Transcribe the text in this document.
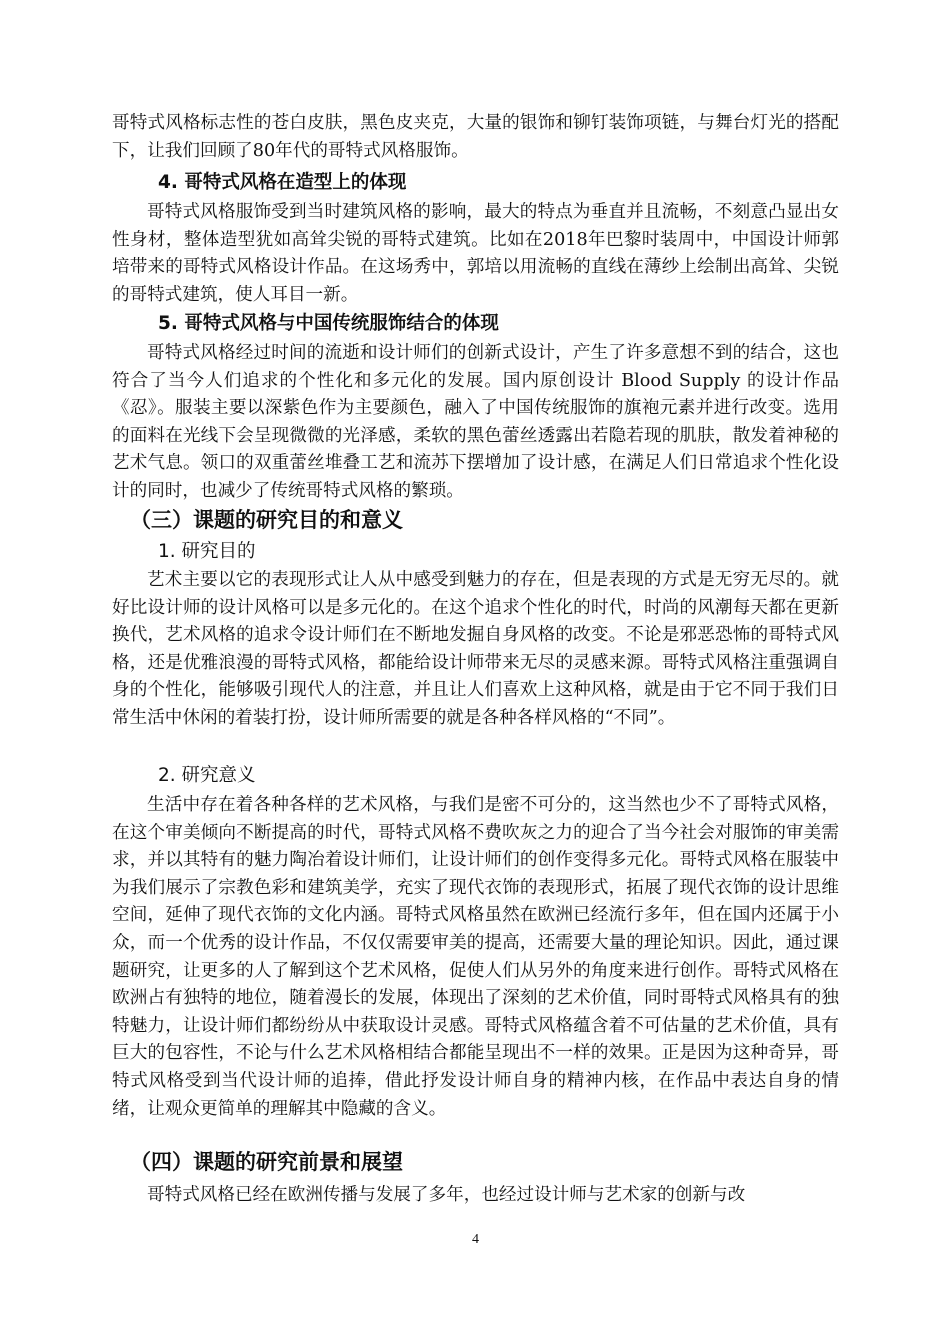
哥特式风格标志性的苍白皮肤，黑色皮夹克，大量的银饰和铆钉装饰项链，与舞台灯光的搭配下，让我们回顾了80年代的哥特式风格服饰。

4. 哥特式风格在造型上的体现

哥特式风格服饰受到当时建筑风格的影响，最大的特点为垂直并且流畅，不刻意凸显出女性身材，整体造型犹如高耸尖锐的哥特式建筑。比如在2018年巴黎时装周中，中国设计师郭培带来的哥特式风格设计作品。在这场秀中，郭培以用流畅的直线在薄纱上绘制出高耸、尖锐的哥特式建筑，使人耳目一新。

5. 哥特式风格与中国传统服饰结合的体现

哥特式风格经过时间的流逝和设计师们的创新式设计，产生了许多意想不到的结合，这也符合了当今人们追求的个性化和多元化的发展。国内原创设计 Blood Supply 的设计作品《忍》。服装主要以深紫色作为主要颜色，融入了中国传统服饰的旗袍元素并进行改变。选用的面料在光线下会呈现微微的光泽感，柔软的黑色蕾丝透露出若隐若现的肌肤，散发着神秘的艺术气息。领口的双重蕾丝堆叠工艺和流苏下摆增加了设计感，在满足人们日常追求个性化设计的同时，也减少了传统哥特式风格的繁琐。

（三）课题的研究目的和意义
1. 研究目的

艺术主要以它的表现形式让人从中感受到魅力的存在，但是表现的方式是无穷无尽的。就好比设计师的设计风格可以是多元化的。在这个追求个性化的时代，时尚的风潮每天都在更新换代，艺术风格的追求令设计师们在不断地发掘自身风格的改变。不论是邪恶恐怖的哥特式风格，还是优雅浪漫的哥特式风格，都能给设计师带来无尽的灵感来源。哥特式风格注重强调自身的个性化，能够吸引现代人的注意，并且让人们喜欢上这种风格，就是由于它不同于我们日常生活中休闲的着装打扮，设计师所需要的就是各种各样风格的“不同”。

2. 研究意义

生活中存在着各种各样的艺术风格，与我们是密不可分的，这当然也少不了哥特式风格，在这个审美倾向不断提高的时代，哥特式风格不费吹灰之力的迎合了当今社会对服饰的审美需求，并以其特有的魅力陶冶着设计师们，让设计师们的创作变得多元化。哥特式风格在服装中为我们展示了宗教色彩和建筑美学，充实了现代衣饰的表现形式，拓展了现代衣饰的设计思维空间，延伸了现代衣饰的文化内涵。哥特式风格虽然在欧洲已经流行多年，但在国内还属于小众，而一个优秀的设计作品，不仅仅需要审美的提高，还需要大量的理论知识。因此，通过课题研究，让更多的人了解到这个艺术风格，促使人们从另外的角度来进行创作。哥特式风格在欧洲占有独特的地位，随着漫长的发展，体现出了深刻的艺术价值，同时哥特式风格具有的独特魅力，让设计师们都纷纷从中获取设计灵感。哥特式风格蕴含着不可估量的艺术价值，具有巨大的包容性，不论与什么艺术风格相结合都能呈现出不一样的效果。正是因为这种奇异，哥特式风格受到当代设计师的追捧，借此抒发设计师自身的精神内核，在作品中表达自身的情绪，让观众更简单的理解其中隐藏的含义。

（四）课题的研究前景和展望

哥特式风格已经在欧洲传播与发展了多年，也经过设计师与艺术家的创新与改

4
